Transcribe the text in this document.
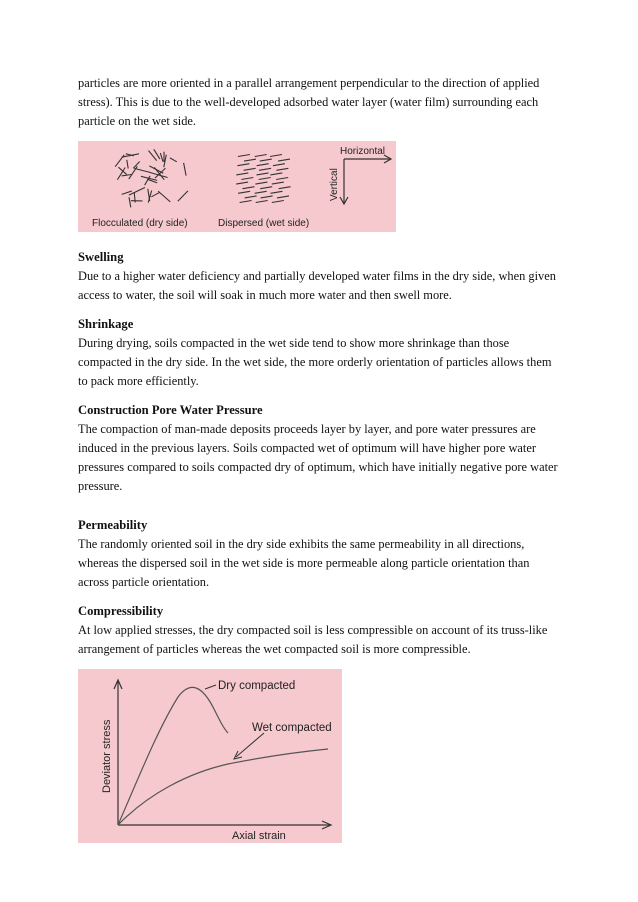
particles are more oriented in a parallel arrangement perpendicular to the direction of applied stress). This is due to the well-developed adsorbed water layer (water film) surrounding each particle on the wet side.

Horizontal
Vertical
Flocculated (dry side)	Dispersed (wet side)
Swelling

Due to a higher water deficiency and partially developed water films in the dry side, when given access to water, the soil will soak in much more water and then swell more.

Shrinkage

During drying, soils compacted in the wet side tend to show more shrinkage than those compacted in the dry side. In the wet side, the more orderly orientation of particles allows them to pack more efficiently.

Construction Pore Water Pressure

The compaction of man-made deposits proceeds layer by layer, and pore water pressures are induced in the previous layers. Soils compacted wet of optimum will have higher pore water pressures compared to soils compacted dry of optimum, which have initially negative pore water pressure.

Permeability

The randomly oriented soil in the dry side exhibits the same permeability in all directions, whereas the dispersed soil in the wet side is more permeable along particle orientation than across particle orientation.

Compressibility

At low applied stresses, the dry compacted soil is less compressible on account of its truss-like arrangement of particles whereas the wet compacted soil is more compressible.

Dry compacted
Wet compacted
Deviator stress
Axial strain
